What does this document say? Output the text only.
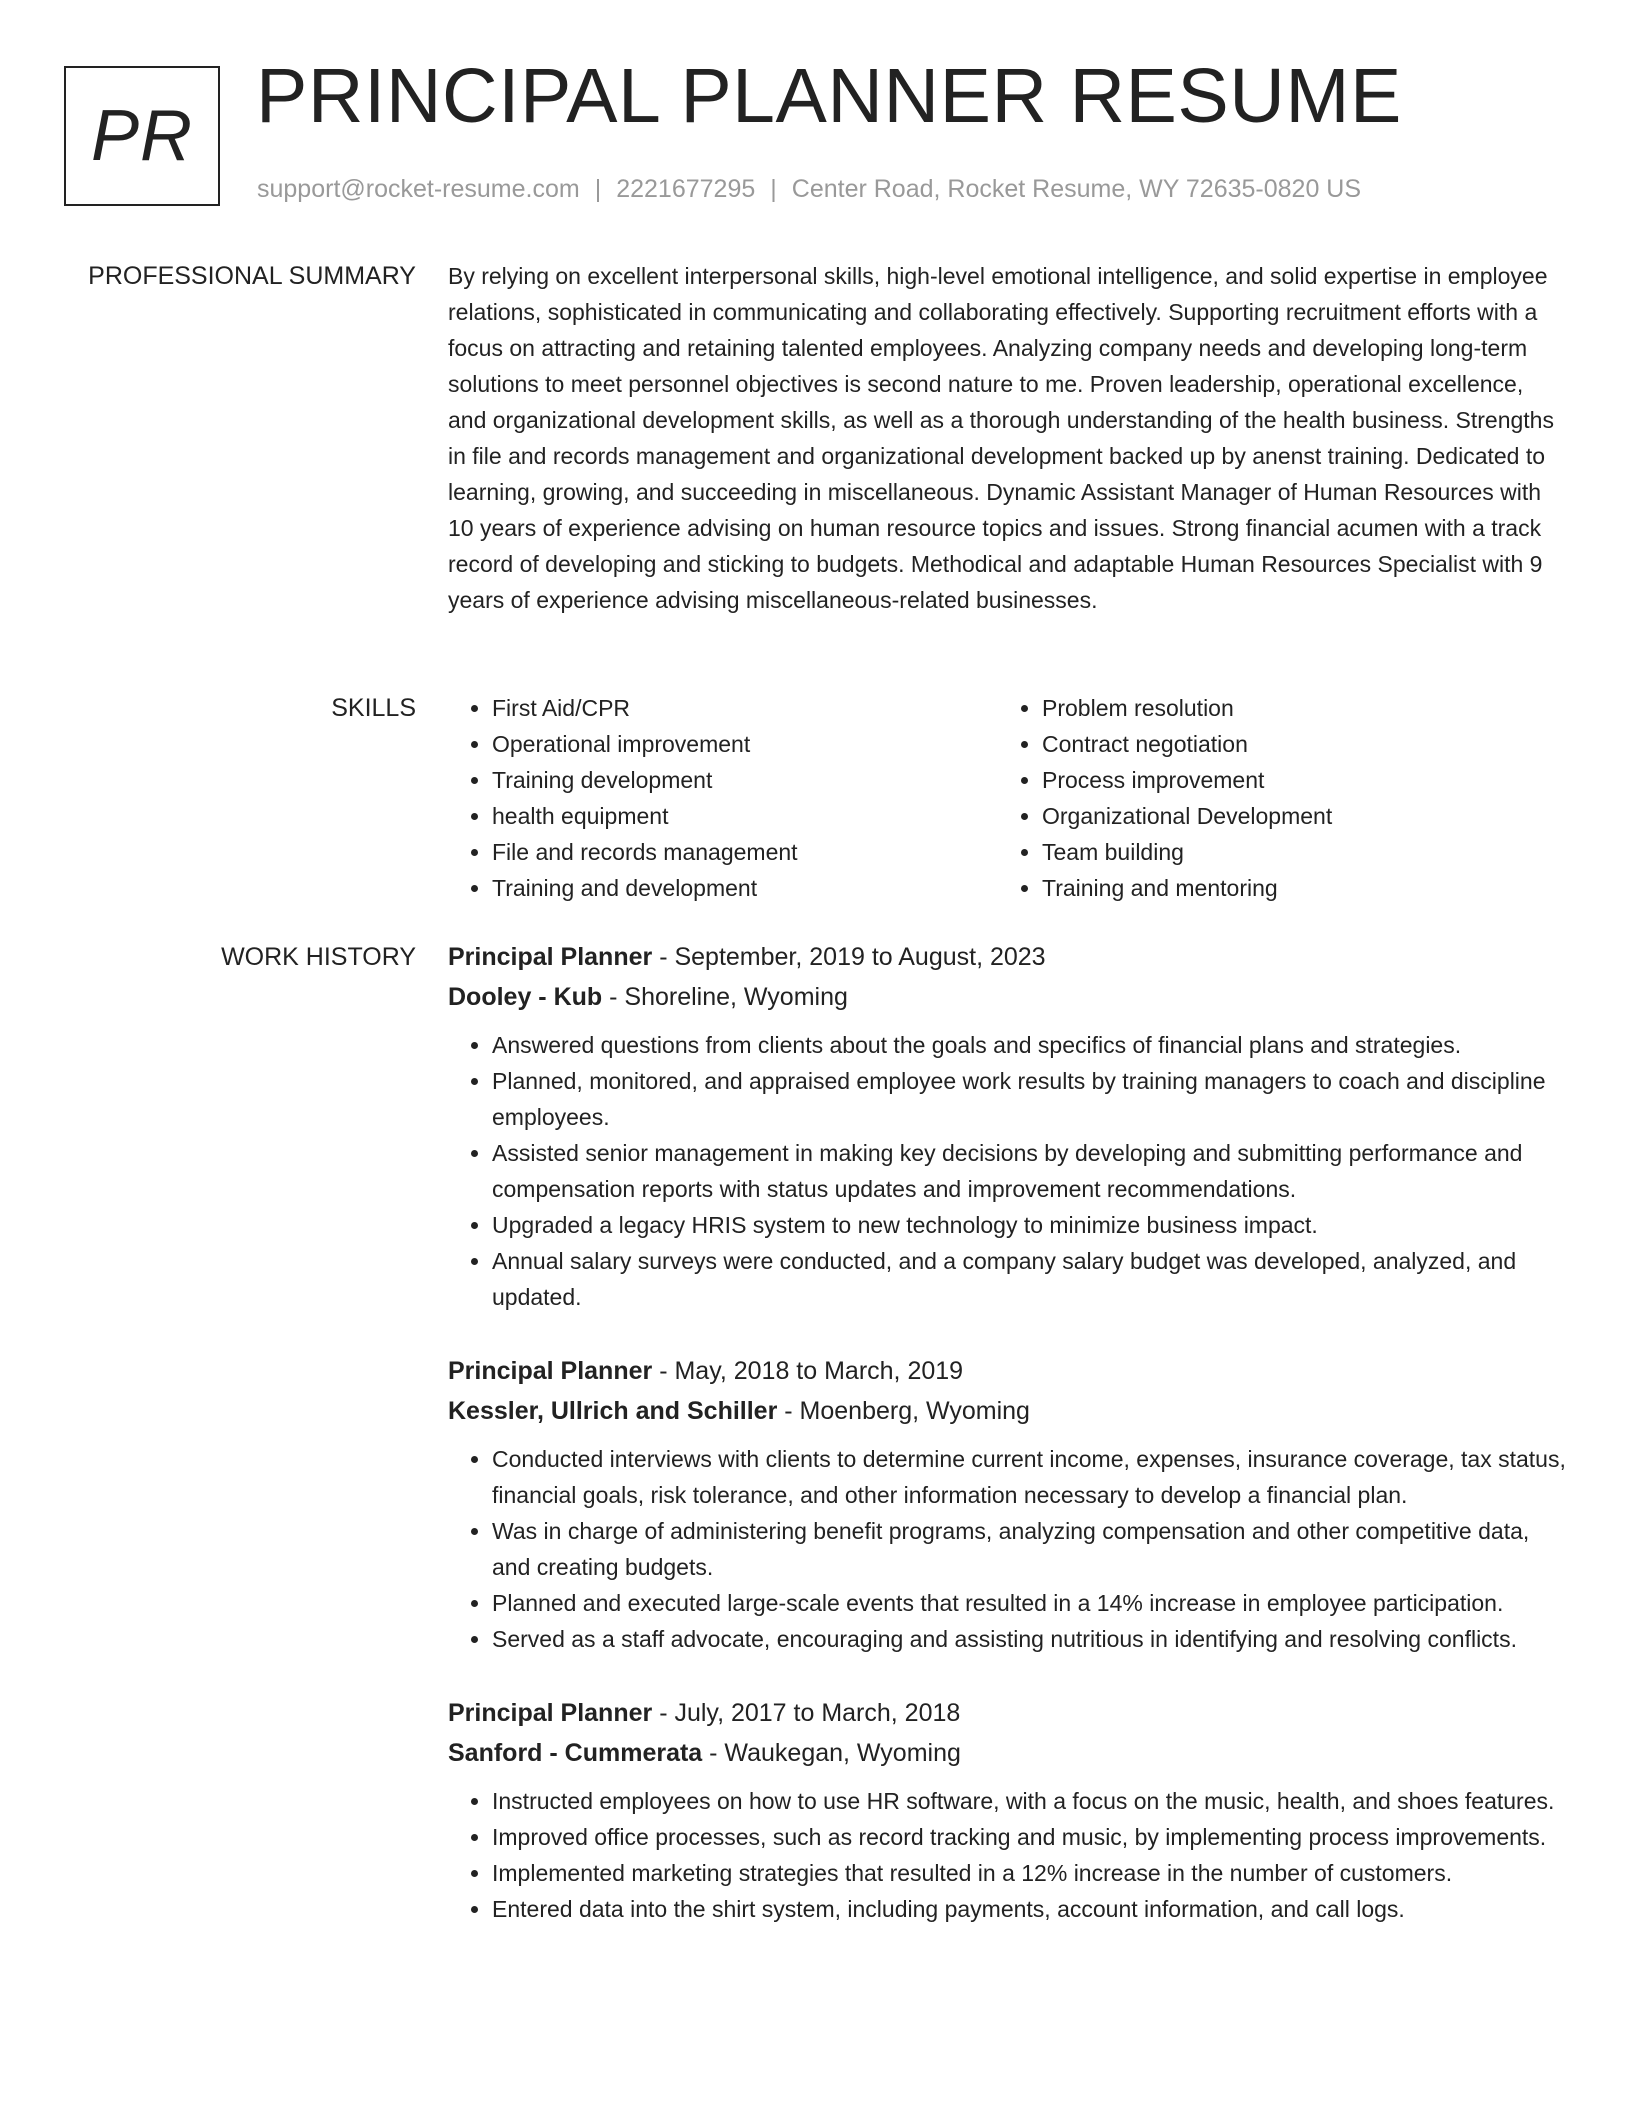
PR PRINCIPAL PLANNER RESUME
support@rocket-resume.com | 2221677295 | Center Road, Rocket Resume, WY 72635-0820 US
PROFESSIONAL SUMMARY By relying on excellent interpersonal skills, high-level emotional intelligence, and solid expertise in employee relations, sophisticated in communicating and collaborating effectively. Supporting recruitment efforts with a focus on attracting and retaining talented employees. Analyzing company needs and developing long-term solutions to meet personnel objectives is second nature to me. Proven leadership, operational excellence, and organizational development skills, as well as a thorough understanding of the health business. Strengths in file and records management and organizational development backed up by anenst training. Dedicated to learning, growing, and succeeding in miscellaneous. Dynamic Assistant Manager of Human Resources with 10 years of experience advising on human resource topics and issues. Strong financial acumen with a track record of developing and sticking to budgets. Methodical and adaptable Human Resources Specialist with 9 years of experience advising miscellaneous-related businesses.

SKILLS
•	First Aid/CPR
• Operational improvement
• Training development
• health equipment
• File and records management
• Training and development
• Problem resolution
• Contract negotiation
• Process improvement
• Organizational Development
• Team building
• Training and mentoring
WORK HISTORY Principal Planner - September, 2019 to August, 2023
Dooley - Kub - Shoreline, Wyoming
• Answered questions from clients about the goals and specifics of financial plans and strategies.
• Planned, monitored, and appraised employee work results by training managers to coach and discipline employees.
• Assisted senior management in making key decisions by developing and submitting performance and compensation reports with status updates and improvement recommendations.
• Upgraded a legacy HRIS system to new technology to minimize business impact.
• Annual salary surveys were conducted, and a company salary budget was developed, analyzed, and updated.
Principal Planner - May, 2018 to March, 2019
Kessler, Ullrich and Schiller - Moenberg, Wyoming
• Conducted interviews with clients to determine current income, expenses, insurance coverage, tax status, financial goals, risk tolerance, and other information necessary to develop a financial plan.
• Was in charge of administering benefit programs, analyzing compensation and other competitive data, and creating budgets.
• Planned and executed large-scale events that resulted in a 14% increase in employee participation.
• Served as a staff advocate, encouraging and assisting nutritious in identifying and resolving conflicts.
Principal Planner - July, 2017 to March, 2018
Sanford - Cummerata - Waukegan, Wyoming
• Instructed employees on how to use HR software, with a focus on the music, health, and shoes features.
• Improved office processes, such as record tracking and music, by implementing process improvements.
• Implemented marketing strategies that resulted in a 12% increase in the number of customers.
• Entered data into the shirt system, including payments, account information, and call logs.
